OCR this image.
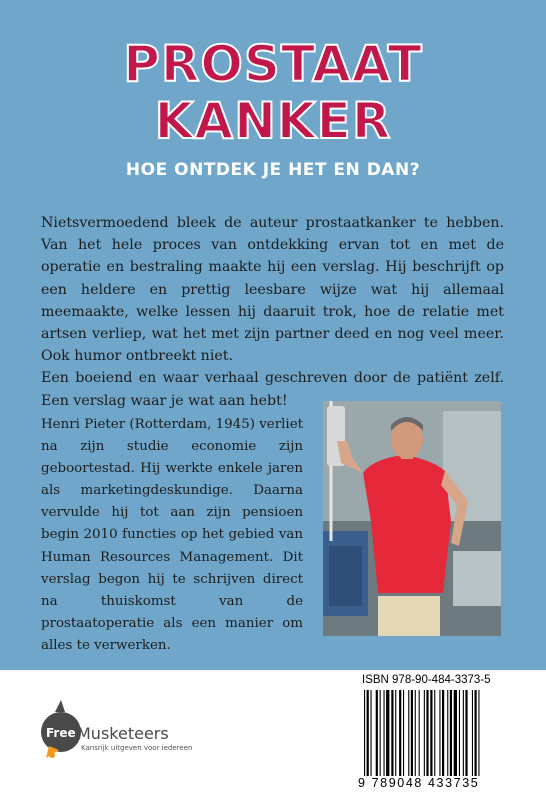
PROSTAAT
KANKER
HOE ONTDEK JE HET EN DAN?

Nietsvermoedend bleek de auteur prostaatkanker te hebben. Van het hele proces van ontdekking ervan tot en met de operatie en bestraling maakte hij een verslag. Hij beschrijft op een heldere en prettig leesbare wijze wat hij allemaal meemaakte, welke lessen hij daaruit trok, hoe de relatie met artsen verliep, wat het met zijn partner deed en nog veel meer. Ook humor ontbreekt niet.

Een boeiend en waar verhaal geschreven door de patiënt zelf. Een verslag waar je wat aan hebt!

Henri Pieter (Rotterdam, 1945) verliet na zijn studie economie zijn geboortestad. Hij werkte enkele jaren als marketingdeskundige. Daarna vervulde hij tot aan zijn pensioen begin 2010 functies op het gebied van Human Resources Management. Dit verslag begon hij te schrijven direct na thuiskomst van de prostaatoperatie als een manier om alles te verwerken.

Free Musketeers
Kansrijk uitgeven voor iedereen
ISBN 978-90-484-3373-5
9 789048 433735
